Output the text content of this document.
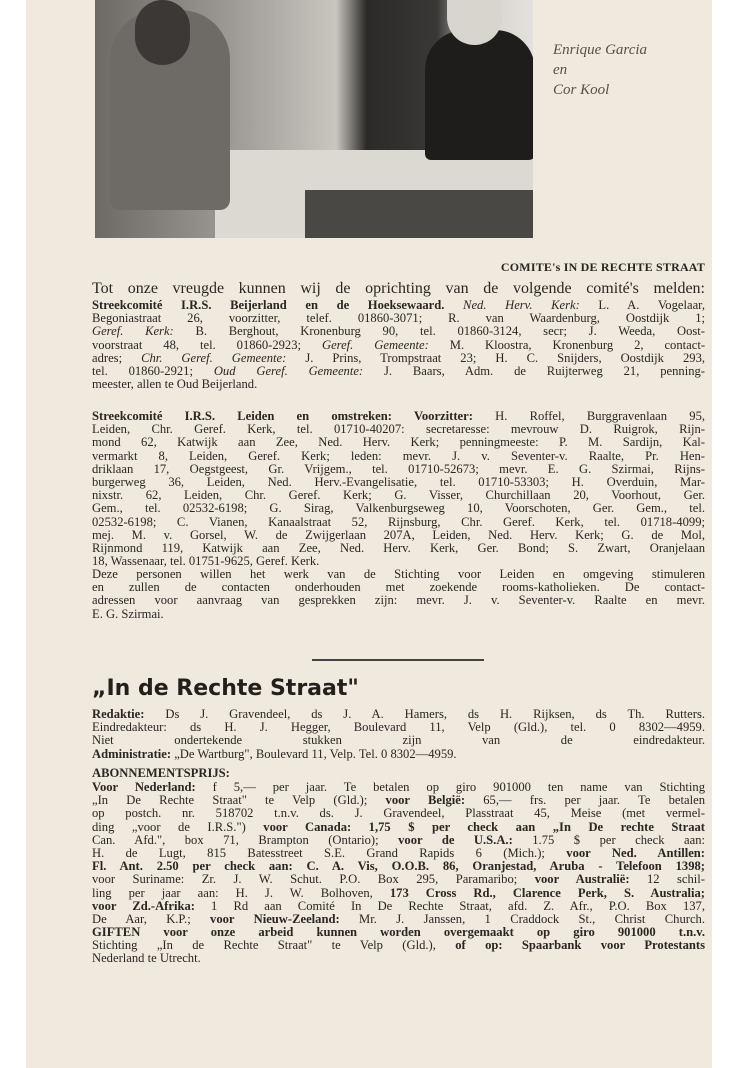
Enrique Garcia
en
Cor Kool
COMITE's IN DE RECHTE STRAAT
Tot onze vreugde kunnen wij de oprichting van de volgende comité's melden:
Streekcomité I.R.S. Beijerland en de Hoeksewaard. Ned. Herv. Kerk: L. A. Vogelaar,
Begoniastraat 26, voorzitter, telef. 01860-3071; R. van Waardenburg, Oostdijk 1;
Geref. Kerk: B. Berghout, Kronenburg 90, tel. 01860-3124, secr; J. Weeda, Oost-
voorstraat 48, tel. 01860-2923; Geref. Gemeente: M. Kloostra, Kronenburg 2, contact-
adres; Chr. Geref. Gemeente: J. Prins, Trompstraat 23; H. C. Snijders, Oostdijk 293,
tel. 01860-2921; Oud Geref. Gemeente: J. Baars, Adm. de Ruijterweg 21, penning-
meester, allen te Oud Beijerland.
Streekcomité I.R.S. Leiden en omstreken: Voorzitter: H. Roffel, Burggravenlaan 95,
Leiden, Chr. Geref. Kerk, tel. 01710-40207: secretaresse: mevrouw D. Ruigrok, Rijn-
mond 62, Katwijk aan Zee, Ned. Herv. Kerk; penningmeeste: P. M. Sardijn, Kal-
vermarkt 8, Leiden, Geref. Kerk; leden: mevr. J. v. Seventer-v. Raalte, Pr. Hen-
driklaan 17, Oegstgeest, Gr. Vrijgem., tel. 01710-52673; mevr. E. G. Szirmai, Rijns-
burgerweg 36, Leiden, Ned. Herv.-Evangelisatie, tel. 01710-53303; H. Overduin, Mar-
nixstr. 62, Leiden, Chr. Geref. Kerk; G. Visser, Churchillaan 20, Voorhout, Ger.
Gem., tel. 02532-6198; G. Sirag, Valkenburgseweg 10, Voorschoten, Ger. Gem., tel.
02532-6198; C. Vianen, Kanaalstraat 52, Rijnsburg, Chr. Geref. Kerk, tel. 01718-4099;
mej. M. v. Gorsel, W. de Zwijgerlaan 207A, Leiden, Ned. Herv. Kerk; G. de Mol,
Rijnmond 119, Katwijk aan Zee, Ned. Herv. Kerk, Ger. Bond; S. Zwart, Oranjelaan
18, Wassenaar, tel. 01751-9625, Geref. Kerk.
Deze personen willen het werk van de Stichting voor Leiden en omgeving stimuleren
en zullen de contacten onderhouden met zoekende rooms-katholieken. De contact-
adressen voor aanvraag van gesprekken zijn: mevr. J. v. Seventer-v. Raalte en mevr.
E. G. Szirmai.
„In de Rechte Straat"
Redaktie: Ds J. Gravendeel, ds J. A. Hamers, ds H. Rijksen, ds Th. Rutters.
Eindredakteur: ds H. J. Hegger, Boulevard 11, Velp (Gld.), tel. 0 8302—4959.
Niet ondertekende stukken zijn van de eindredakteur.
Administratie: „De Wartburg", Boulevard 11, Velp. Tel. 0 8302—4959.
ABONNEMENTSPRIJS:
Voor Nederland: f 5,— per jaar. Te betalen op giro 901000 ten name van Stichting
„In De Rechte Straat" te Velp (Gld.); voor België: 65,— frs. per jaar. Te betalen
op postch. nr. 518702 t.n.v. ds. J. Gravendeel, Plasstraat 45, Meise (met vermel-
ding „voor de I.R.S.") voor Canada: 1,75 $ per check aan „In De rechte Straat
Can. Afd.", box 71, Brampton (Ontario); voor de U.S.A.: 1.75 $ per check aan:
H. de Lugt, 815 Batesstreet S.E. Grand Rapids 6 (Mich.); voor Ned. Antillen:
Fl. Ant. 2.50 per check aan: C. A. Vis, O.O.B. 86, Oranjestad, Aruba - Telefoon 1398;
voor Suriname: Zr. J. W. Schut. P.O. Box 295, Paramaribo; voor Australië: 12 schil-
ling per jaar aan: H. J. W. Bolhoven, 173 Cross Rd., Clarence Perk, S. Australia;
voor Zd.-Afrika: 1 Rd aan Comité In De Rechte Straat, afd. Z. Afr., P.O. Box 137,
De Aar, K.P.; voor Nieuw-Zeeland: Mr. J. Janssen, 1 Craddock St., Christ Church.
GIFTEN voor onze arbeid kunnen worden overgemaakt op giro 901000 t.n.v.
Stichting „In de Rechte Straat" te Velp (Gld.), of op: Spaarbank voor Protestants
Nederland te Utrecht.
